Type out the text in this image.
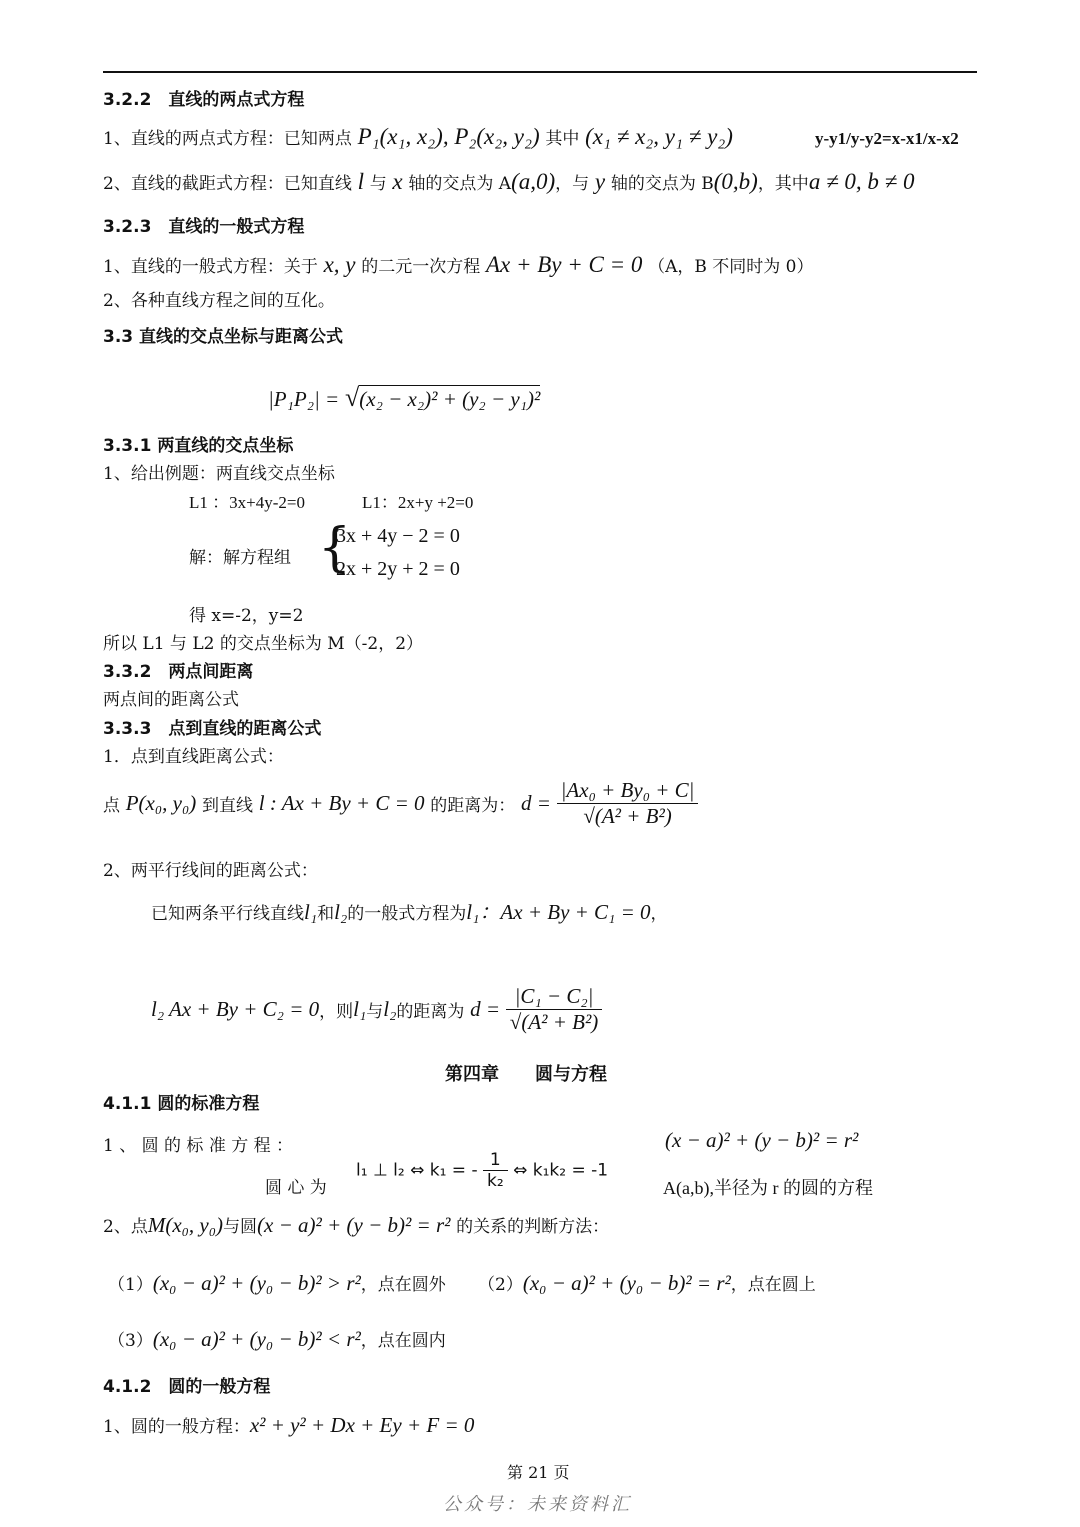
3.2.2　直线的两点式方程
1、直线的两点式方程：已知两点 P₁(x₁, x₂), P₂(x₂, y₂) 其中 (x₁ ≠ x₂, y₁ ≠ y₂)	y-y1/y-y2=x-x1/x-x2
2、直线的截距式方程：已知直线 l 与 x 轴的交点为 A(a,0)，与 y 轴的交点为 B(0,b)，其中a ≠ 0, b ≠ 0
3.2.3　直线的一般式方程
1、直线的一般式方程：关于 x, y 的二元一次方程 Ax + By + C = 0 （A，B 不同时为 0）
2、各种直线方程之间的互化。
3.3 直线的交点坐标与距离公式
|P₁P₂| = √(x₂ − x₂)² + (y₂ − y₁)²
3.3.1 两直线的交点坐标
1、给出例题：两直线交点坐标
L1 ：3x+4y-2=0	L1：2x+y +2=0
解：解方程组 {
3x + 4y − 2 = 0
2x + 2y + 2 = 0
得 x=-2，y=2
所以 L1 与 L2 的交点坐标为 M（-2，2）
3.3.2　两点间距离
两点间的距离公式
3.3.3　点到直线的距离公式
1．点到直线距离公式：
点 P(x₀, y₀) 到直线 l : Ax + By + C = 0 的距离为： $d = \frac{\text{|Ax₀ + By₀ + C|}}{\text{√(A² + B²)}}$
2、两平行线间的距离公式：
已知两条平行线直线l₁和l₂的一般式方程为l₁：Ax + By + C₁ = 0，
l₂ Ax + By + C₂ = 0，则l₁与l₂的距离为 $d = \frac{\text{|C₁ − C₂|}}{\text{√(A² + B²)}}$
第四章　　圆与方程
4.1.1 圆的标准方程
1 、 圆 的 标 准 方 程 ：	(x − a)² + (y − b)² = r²
圆 心 为
l₁ ⊥ l₂ ⇔ k₁ = - $\frac{1}{\text{k₂}}$ ⇔ k₁k₂ = -1
A(a,b),半径为 r 的圆的方程
2、点M(x₀, y₀)与圆(x − a)² + (y − b)² = r² 的关系的判断方法：
（1）(x₀ − a)² + (y₀ − b)² > r²，点在圆外 （2）(x₀ − a)² + (y₀ − b)² = r²，点在圆上
（3）(x₀ − a)² + (y₀ − b)² < r²，点在圆内
4.1.2　圆的一般方程
1、圆的一般方程：x² + y² + Dx + Ey + F = 0
第 21 页
公众号：未来资料汇
